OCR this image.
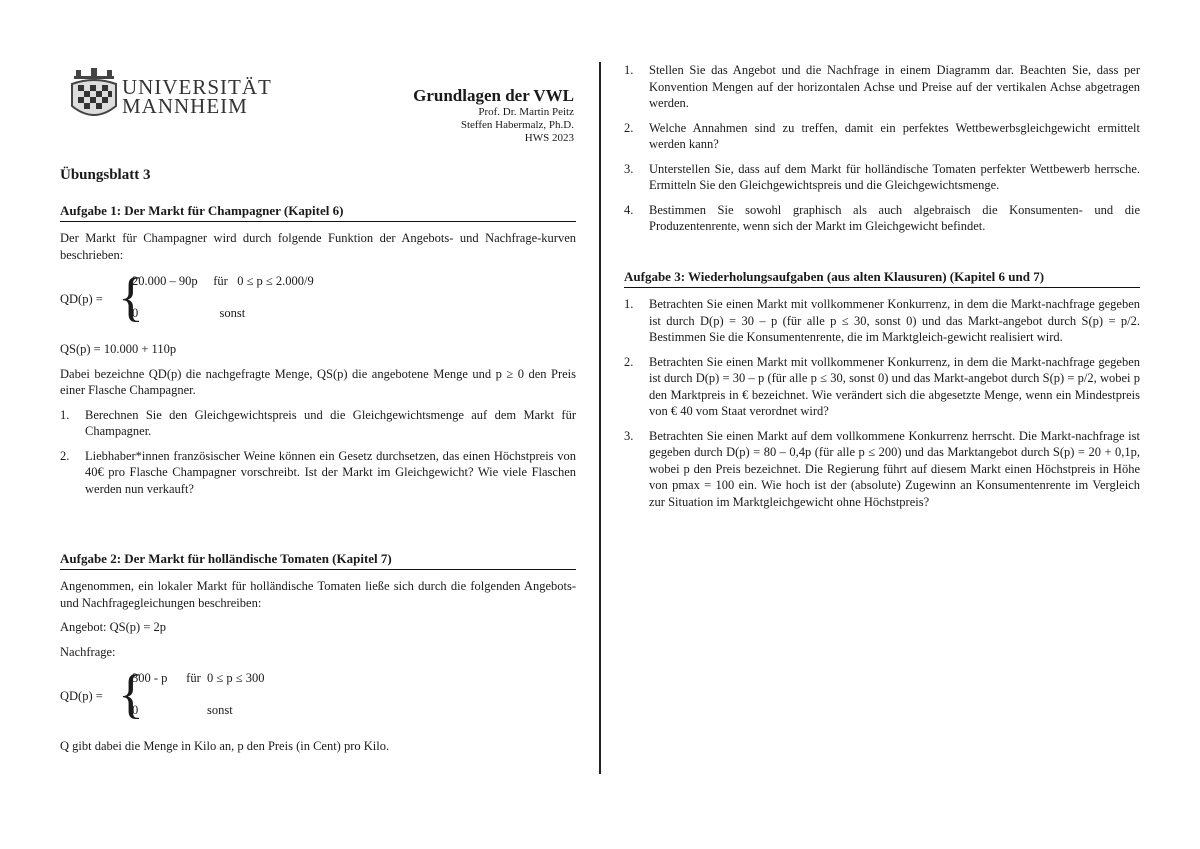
UNIVERSITÄT
MANNHEIM	Grundlagen der VWL
Prof. Dr. Martin Peitz
Steffen Habermalz, Ph.D.
HWS 2023
Übungsblatt 3
Aufgabe 1: Der Markt für Champagner (Kapitel 6)

Der Markt für Champagner wird durch folgende Funktion der Angebots- und Nachfrage-kurven beschrieben:

QD(p) = {
20.000 – 90p     für   0 ≤ p ≤ 2.000/9
0                          sonst

QS(p) = 10.000 + 110p

Dabei bezeichne QD(p) die nachgefragte Menge, QS(p) die angebotene Menge und p ≥ 0 den Preis einer Flasche Champagner.

1. Berechnen Sie den Gleichgewichtspreis und die Gleichgewichtsmenge auf dem Markt für Champagner.
2. Liebhaber*innen französischer Weine können ein Gesetz durchsetzen, das einen Höchstpreis von 40€ pro Flasche Champagner vorschreibt. Ist der Markt im Gleichgewicht? Wie viele Flaschen werden nun verkauft?
Aufgabe 2: Der Markt für holländische Tomaten (Kapitel 7)

Angenommen, ein lokaler Markt für holländische Tomaten ließe sich durch die folgenden Angebots- und Nachfragegleichungen beschreiben:

Angebot: QS(p) = 2p

Nachfrage:

QD(p) = {
300 - p      für  0 ≤ p ≤ 300
0                      sonst

Q gibt dabei die Menge in Kilo an, p den Preis (in Cent) pro Kilo.

1. Stellen Sie das Angebot und die Nachfrage in einem Diagramm dar. Beachten Sie, dass per Konvention Mengen auf der horizontalen Achse und Preise auf der vertikalen Achse abgetragen werden.
2. Welche Annahmen sind zu treffen, damit ein perfektes Wettbewerbsgleichgewicht ermittelt werden kann?
3. Unterstellen Sie, dass auf dem Markt für holländische Tomaten perfekter Wettbewerb herrsche. Ermitteln Sie den Gleichgewichtspreis und die Gleichgewichtsmenge.
4. Bestimmen Sie sowohl graphisch als auch algebraisch die Konsumenten- und die Produzentenrente, wenn sich der Markt im Gleichgewicht befindet.
Aufgabe 3: Wiederholungsaufgaben (aus alten Klausuren) (Kapitel 6 und 7)
1. Betrachten Sie einen Markt mit vollkommener Konkurrenz, in dem die Markt-nachfrage gegeben ist durch D(p) = 30 – p (für alle p ≤ 30, sonst 0) und das Markt-angebot durch S(p) = p/2. Bestimmen Sie die Konsumentenrente, die im Marktgleich-gewicht realisiert wird.
2. Betrachten Sie einen Markt mit vollkommener Konkurrenz, in dem die Markt-nachfrage gegeben ist durch D(p) = 30 – p (für alle p ≤ 30, sonst 0) und das Markt-angebot durch S(p) = p/2, wobei p den Marktpreis in € bezeichnet. Wie verändert sich die abgesetzte Menge, wenn ein Mindestpreis von € 40 vom Staat verordnet wird?
3. Betrachten Sie einen Markt auf dem vollkommene Konkurrenz herrscht. Die Markt-nachfrage ist gegeben durch D(p) = 80 – 0,4p (für alle p ≤ 200) und das Marktangebot durch S(p) = 20 + 0,1p, wobei p den Preis bezeichnet. Die Regierung führt auf diesem Markt einen Höchstpreis in Höhe von pmax = 100 ein. Wie hoch ist der (absolute) Zugewinn an Konsumentenrente im Vergleich zur Situation im Marktgleichgewicht ohne Höchstpreis?
